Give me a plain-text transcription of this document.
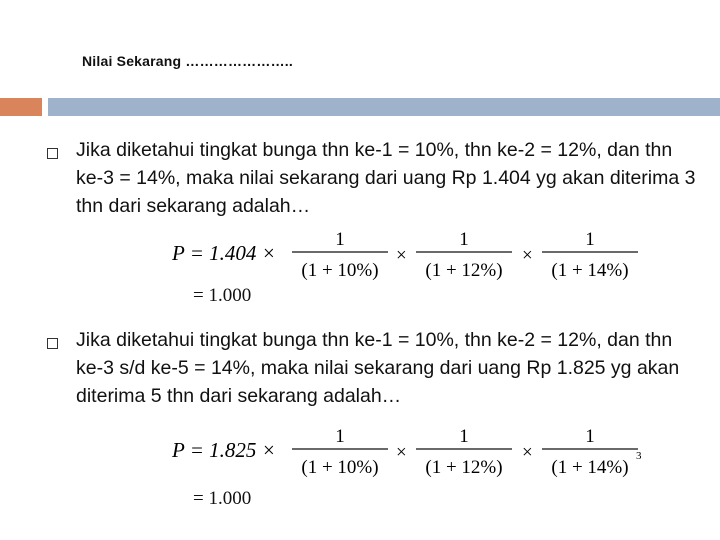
Nilai Sekarang …………………..
Jika diketahui tingkat bunga thn ke-1 = 10%, thn ke-2 = 12%, dan thn ke-3 = 14%, maka nilai sekarang dari uang Rp 1.404 yg akan diterima 3 thn dari sekarang adalah…
P = 1.404 ×
1
(1 + 10%)
×
1
(1 + 12%)
×
1
(1 + 14%)
= 1.000
Jika diketahui tingkat bunga thn ke-1 = 10%, thn ke-2 = 12%, dan thn ke-3 s/d ke-5 = 14%, maka nilai sekarang dari uang Rp 1.825 yg akan diterima 5 thn dari sekarang adalah…
P = 1.825 ×
1
(1 + 10%)
×
1
(1 + 12%)
×
1
(1 + 14%)
3
= 1.000
